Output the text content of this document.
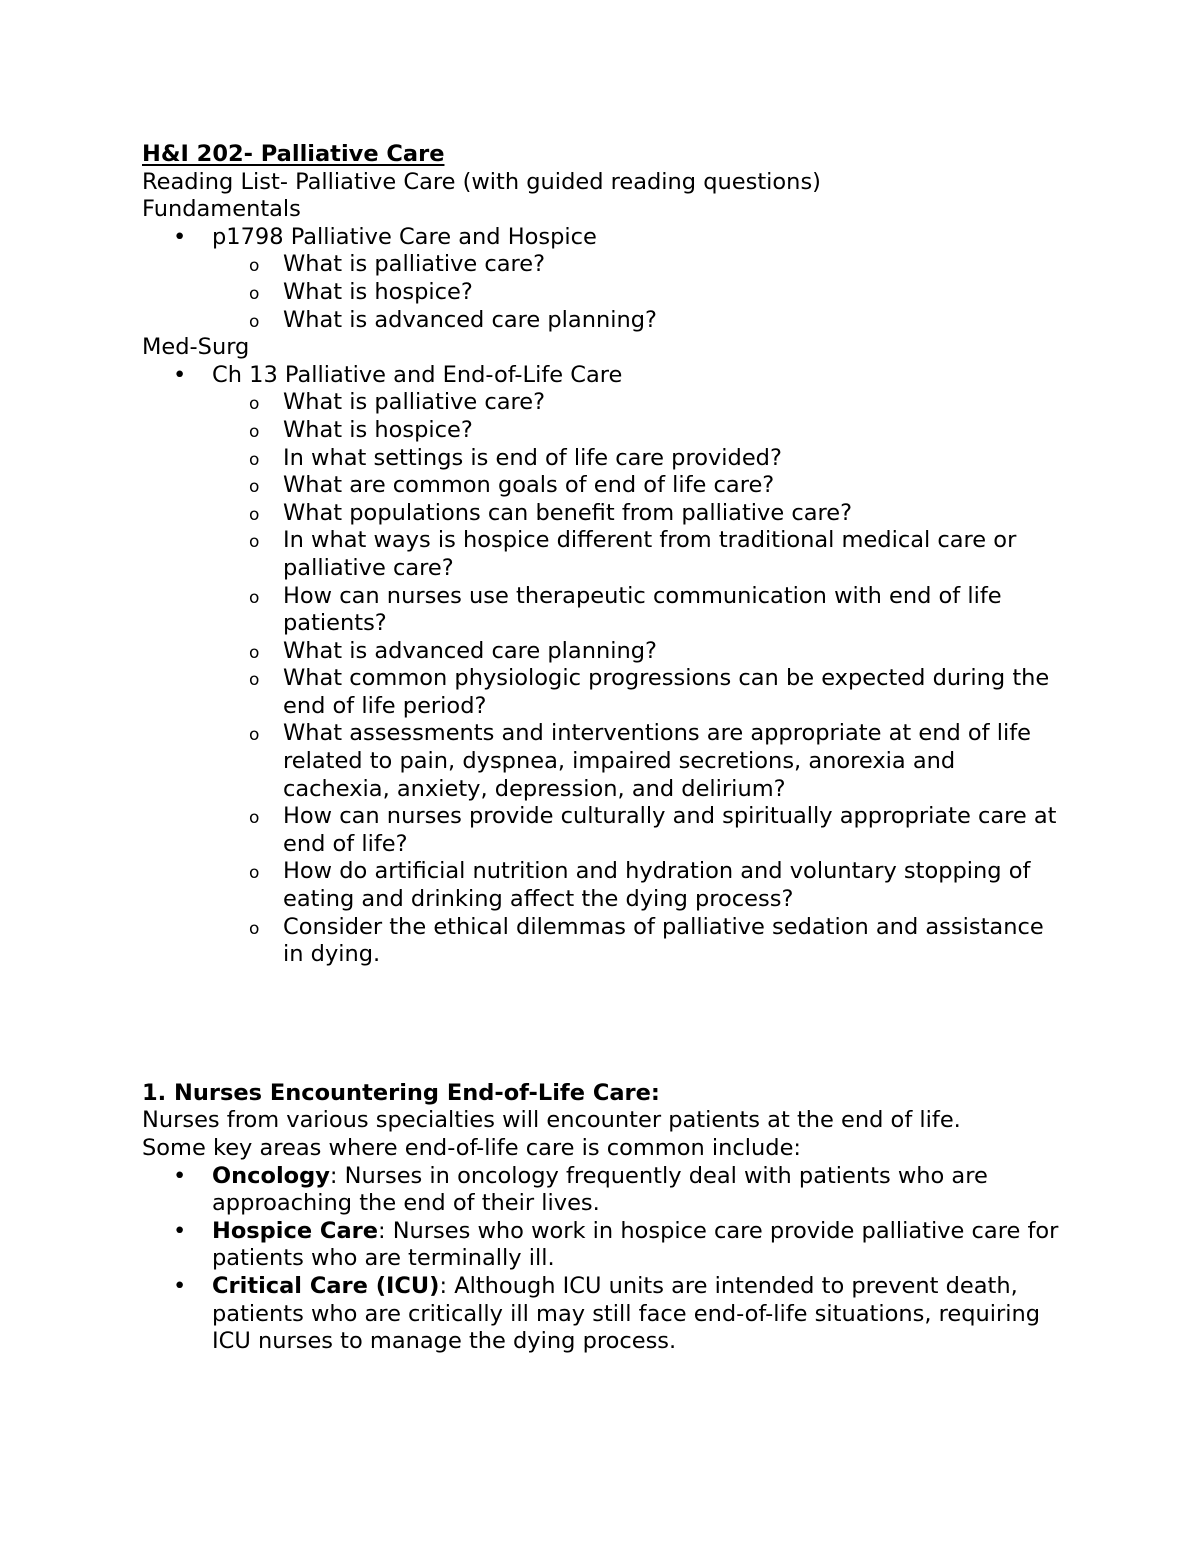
H&I 202- Palliative Care

Reading List- Palliative Care (with guided reading questions)

Fundamentals

• p1798 Palliative Care and Hospice
o What is palliative care?
o What is hospice?
o What is advanced care planning?

Med-Surg

• Ch 13 Palliative and End-of-Life Care
o What is palliative care?
o What is hospice?
o In what settings is end of life care provided?
o What are common goals of end of life care?
o What populations can benefit from palliative care?
o In what ways is hospice different from traditional medical care or palliative care?
o How can nurses use therapeutic communication with end of life patients?
o What is advanced care planning?
o What common physiologic progressions can be expected during the end of life period?
o What assessments and interventions are appropriate at end of life related to pain, dyspnea, impaired secretions, anorexia and cachexia, anxiety, depression, and delirium?
o How can nurses provide culturally and spiritually appropriate care at end of life?
o How do artificial nutrition and hydration and voluntary stopping of eating and drinking affect the dying process?
o Consider the ethical dilemmas of palliative sedation and assistance in dying.

1. Nurses Encountering End-of-Life Care:

Nurses from various specialties will encounter patients at the end of life.

Some key areas where end-of-life care is common include:

• Oncology: Nurses in oncology frequently deal with patients who are approaching the end of their lives.
• Hospice Care: Nurses who work in hospice care provide palliative care for patients who are terminally ill.
• Critical Care (ICU): Although ICU units are intended to prevent death, patients who are critically ill may still face end-of-life situations, requiring ICU nurses to manage the dying process.
